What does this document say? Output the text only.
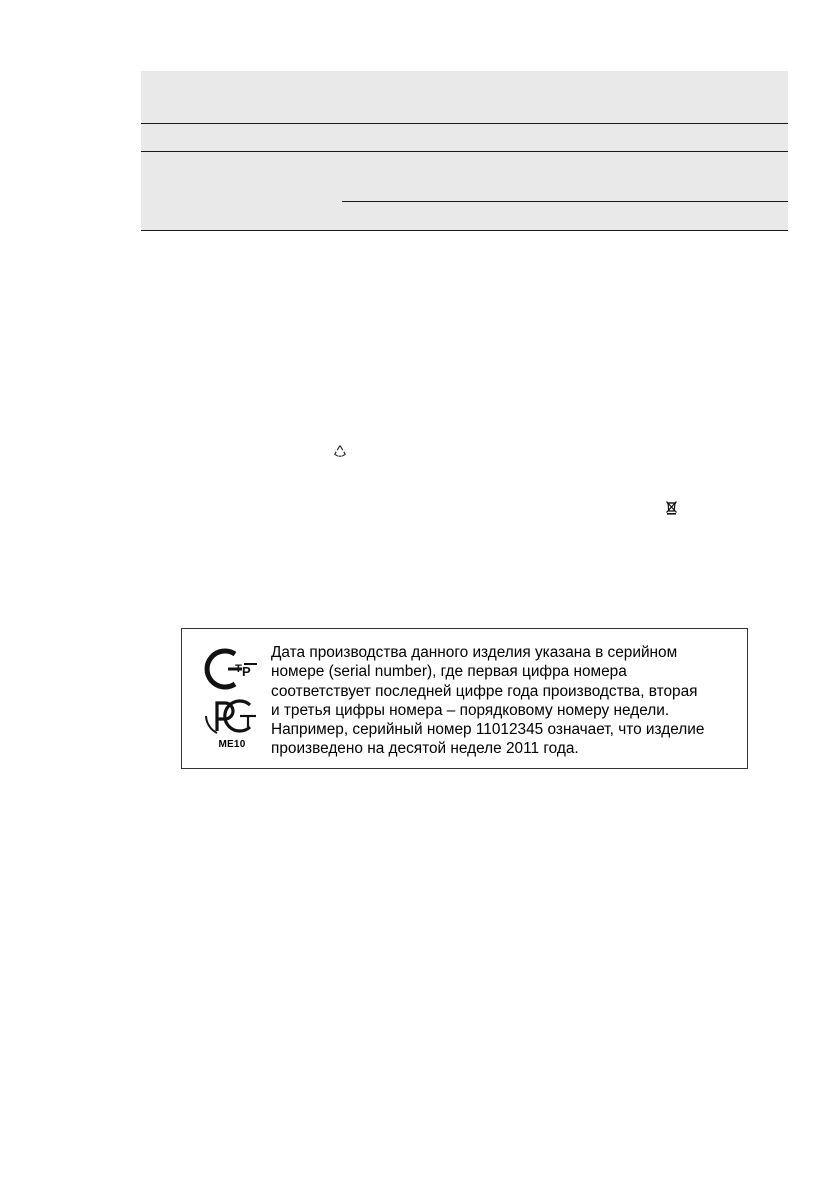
Т Р
ME10
Дата производства данного изделия указана в серийном
номере (serial number), где первая цифра номера
соответствует последней цифре года производства, вторая
и третья цифры номера – порядковому номеру недели.
Например, серийный номер 11012345 означает, что изделие
произведено на десятой неделе 2011 года.
